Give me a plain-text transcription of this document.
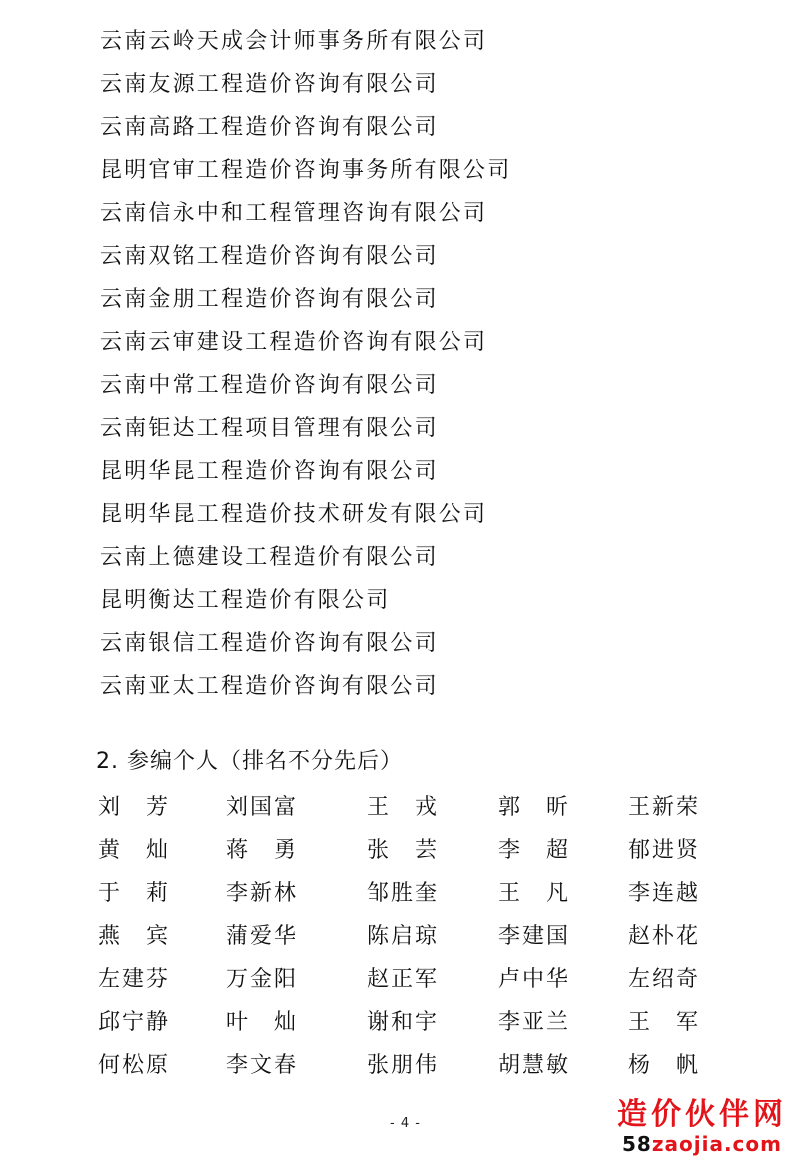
云南云岭天成会计师事务所有限公司
云南友源工程造价咨询有限公司
云南高路工程造价咨询有限公司
昆明官审工程造价咨询事务所有限公司
云南信永中和工程管理咨询有限公司
云南双铭工程造价咨询有限公司
云南金朋工程造价咨询有限公司
云南云审建设工程造价咨询有限公司
云南中常工程造价咨询有限公司
云南钜达工程项目管理有限公司
昆明华昆工程造价咨询有限公司
昆明华昆工程造价技术研发有限公司
云南上德建设工程造价有限公司
昆明衡达工程造价有限公司
云南银信工程造价咨询有限公司
云南亚太工程造价咨询有限公司
2. 参编个人（排名不分先后）
刘 芳	刘 国 富	王 戎	郭 昕	王 新 荣
黄 灿	蒋 勇	张 芸	李 超	郁 进 贤
于 莉	李 新 林	邹 胜 奎	王 凡	李 连 越
燕 宾	蒲 爱 华	陈 启 琼	李 建 国	赵 朴 花
左 建 芬	万 金 阳	赵 正 军	卢 中 华	左 绍 奇
邱 宁 静	叶 灿	谢 和 宇	李 亚 兰	王 军
何 松 原	李 文 春	张 朋 伟	胡 慧 敏	杨 帆
- 4 -	造价伙伴网
58zaojia.com
